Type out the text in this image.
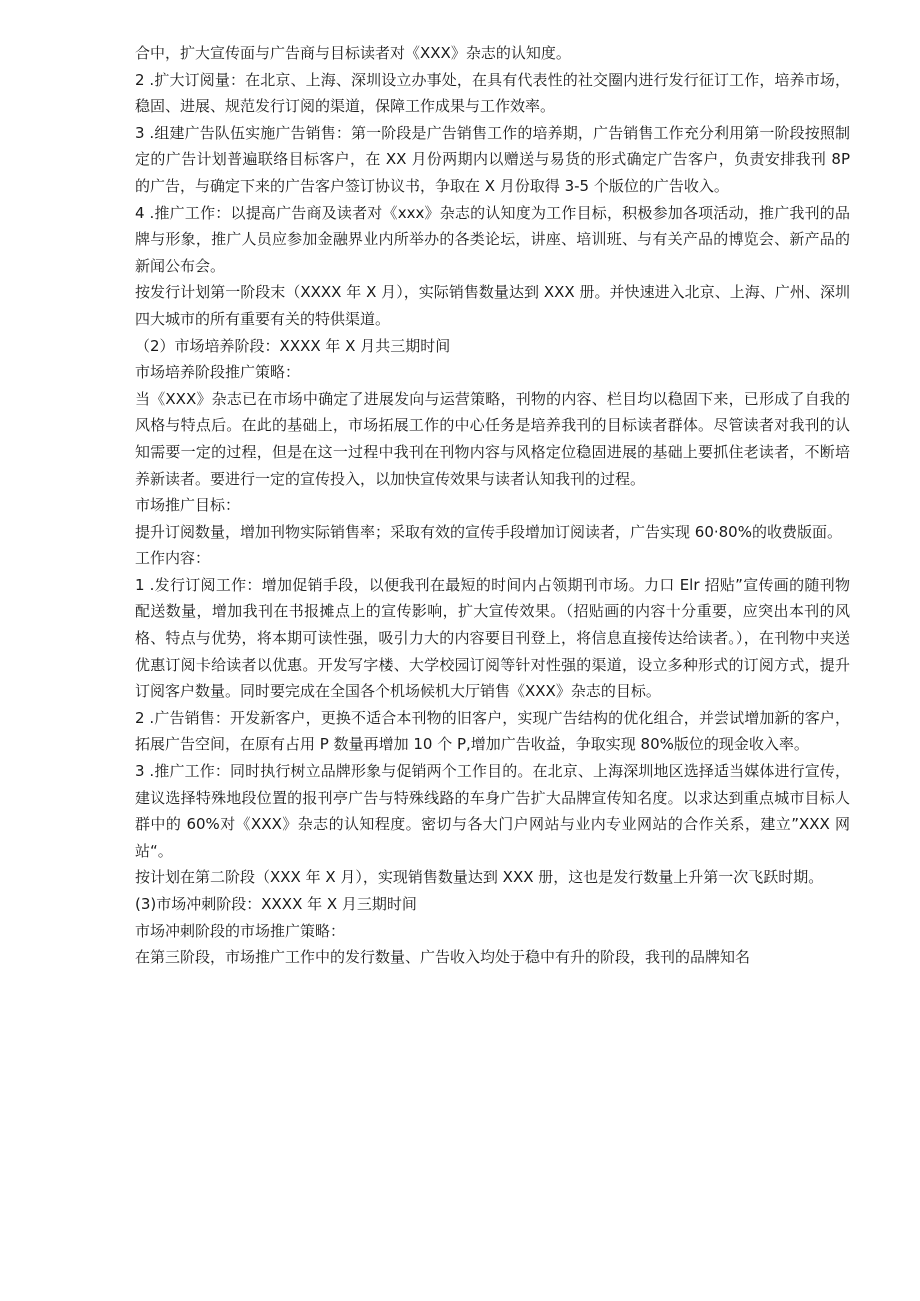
合中，扩大宣传面与广告商与目标读者对《XXX》杂志的认知度。

2 .扩大订阅量：在北京、上海、深圳设立办事处，在具有代表性的社交圈内进行发行征订工作，培养市场，稳固、进展、规范发行订阅的渠道，保障工作成果与工作效率。

3 .组建广告队伍实施广告销售：第一阶段是广告销售工作的培养期，广告销售工作充分利用第一阶段按照制定的广告计划普遍联络目标客户，在 XX 月份两期内以赠送与易货的形式确定广告客户，负责安排我刊 8P 的广告，与确定下来的广告客户签订协议书，争取在 X 月份取得 3-5 个版位的广告收入。

4 .推广工作：以提高广告商及读者对《xxx》杂志的认知度为工作目标，积极参加各项活动，推广我刊的品牌与形象，推广人员应参加金融界业内所举办的各类论坛，讲座、培训班、与有关产品的博览会、新产品的新闻公布会。

按发行计划第一阶段末（XXXX 年 X 月），实际销售数量达到 XXX 册。并快速进入北京、上海、广州、深圳四大城市的所有重要有关的特供渠道。

（2）市场培养阶段：XXXX 年 X 月共三期时间

市场培养阶段推广策略：

当《XXX》杂志已在市场中确定了进展发向与运营策略，刊物的内容、栏目均以稳固下来，已形成了自我的风格与特点后。在此的基础上，市场拓展工作的中心任务是培养我刊的目标读者群体。尽管读者对我刊的认知需要一定的过程，但是在这一过程中我刊在刊物内容与风格定位稳固进展的基础上要抓住老读者，不断培养新读者。要进行一定的宣传投入，以加快宣传效果与读者认知我刊的过程。

市场推广目标：

提升订阅数量，增加刊物实际销售率；采取有效的宣传手段增加订阅读者，广告实现 60·80%的收费版面。

工作内容：

1 .发行订阅工作：增加促销手段，以便我刊在最短的时间内占领期刊市场。力口 Elr 招贴”宣传画的随刊物配送数量，增加我刊在书报摊点上的宣传影响，扩大宣传效果。（招贴画的内容十分重要，应突出本刊的风格、特点与优势，将本期可读性强，吸引力大的内容要目刊登上，将信息直接传达给读者。），在刊物中夹送优惠订阅卡给读者以优惠。开发写字楼、大学校园订阅等针对性强的渠道，设立多种形式的订阅方式，提升订阅客户数量。同时要完成在全国各个机场候机大厅销售《XXX》杂志的目标。

2 .广告销售：开发新客户，更换不适合本刊物的旧客户，实现广告结构的优化组合，并尝试增加新的客户，拓展广告空间，在原有占用 P 数量再增加 10 个 P,增加广告收益，争取实现 80%版位的现金收入率。

3 .推广工作：同时执行树立品牌形象与促销两个工作目的。在北京、上海深圳地区选择适当媒体进行宣传，建议选择特殊地段位置的报刊亭广告与特殊线路的车身广告扩大品牌宣传知名度。以求达到重点城市目标人群中的 60%对《XXX》杂志的认知程度。密切与各大门户网站与业内专业网站的合作关系，建立”XXX 网站“。

按计划在第二阶段（XXX 年 X 月），实现销售数量达到 XXX 册，这也是发行数量上升第一次飞跃时期。

(3)市场冲刺阶段：XXXX 年 X 月三期时间

市场冲刺阶段的市场推广策略：

在第三阶段，市场推广工作中的发行数量、广告收入均处于稳中有升的阶段，我刊的品牌知名
